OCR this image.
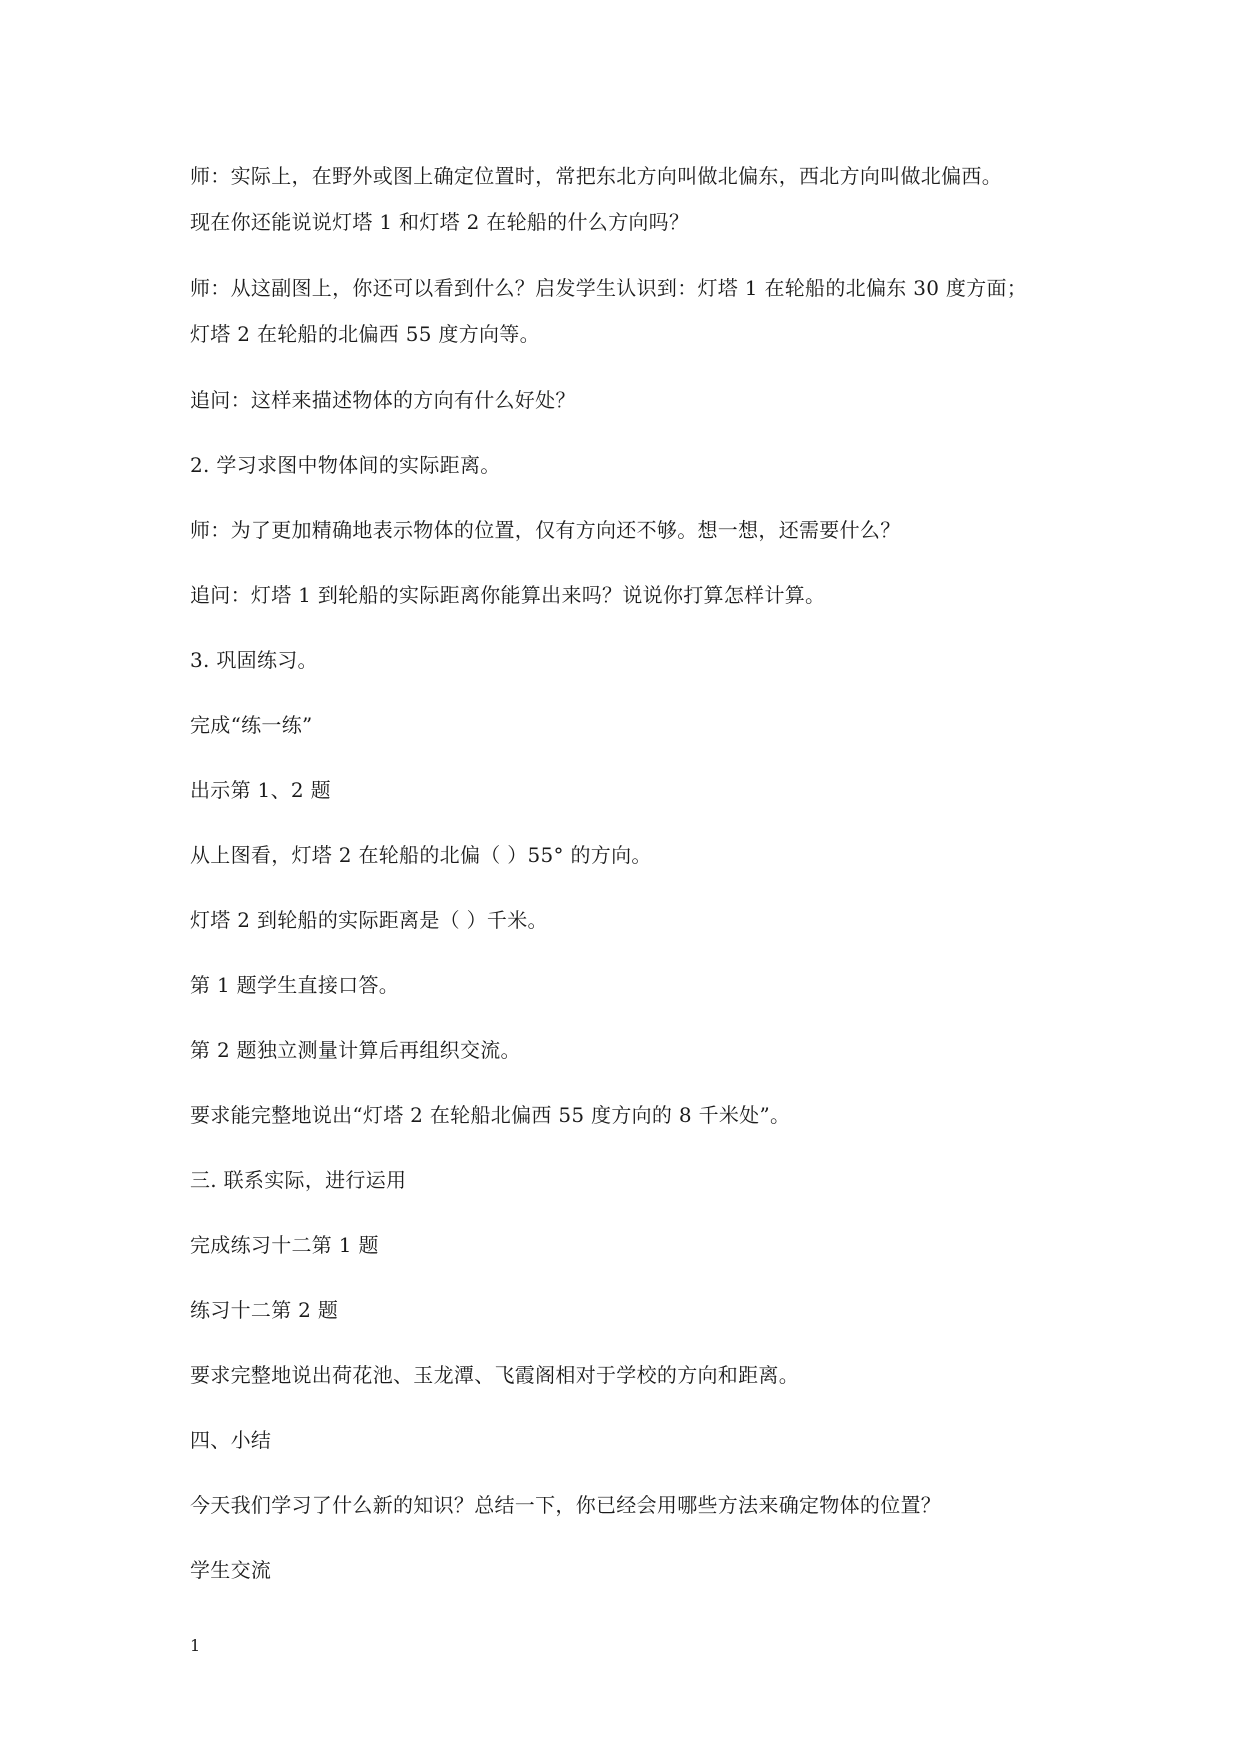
师：实际上，在野外或图上确定位置时，常把东北方向叫做北偏东，西北方向叫做北偏西。

现在你还能说说灯塔 1 和灯塔 2 在轮船的什么方向吗？

师：从这副图上，你还可以看到什么？启发学生认识到：灯塔 1 在轮船的北偏东 30 度方面；

灯塔 2 在轮船的北偏西 55 度方向等。

追问：这样来描述物体的方向有什么好处？

2. 学习求图中物体间的实际距离。

师：为了更加精确地表示物体的位置，仅有方向还不够。想一想，还需要什么？

追问：灯塔 1 到轮船的实际距离你能算出来吗？说说你打算怎样计算。

3. 巩固练习。

完成“练一练”

出示第 1、2 题

从上图看，灯塔 2 在轮船的北偏（ ）55° 的方向。

灯塔 2 到轮船的实际距离是（ ）千米。

第 1 题学生直接口答。

第 2 题独立测量计算后再组织交流。

要求能完整地说出“灯塔 2 在轮船北偏西 55 度方向的 8 千米处”。

三. 联系实际，进行运用

完成练习十二第 1 题

练习十二第 2 题

要求完整地说出荷花池、玉龙潭、飞霞阁相对于学校的方向和距离。

四、小结

今天我们学习了什么新的知识？总结一下，你已经会用哪些方法来确定物体的位置？

学生交流

1
